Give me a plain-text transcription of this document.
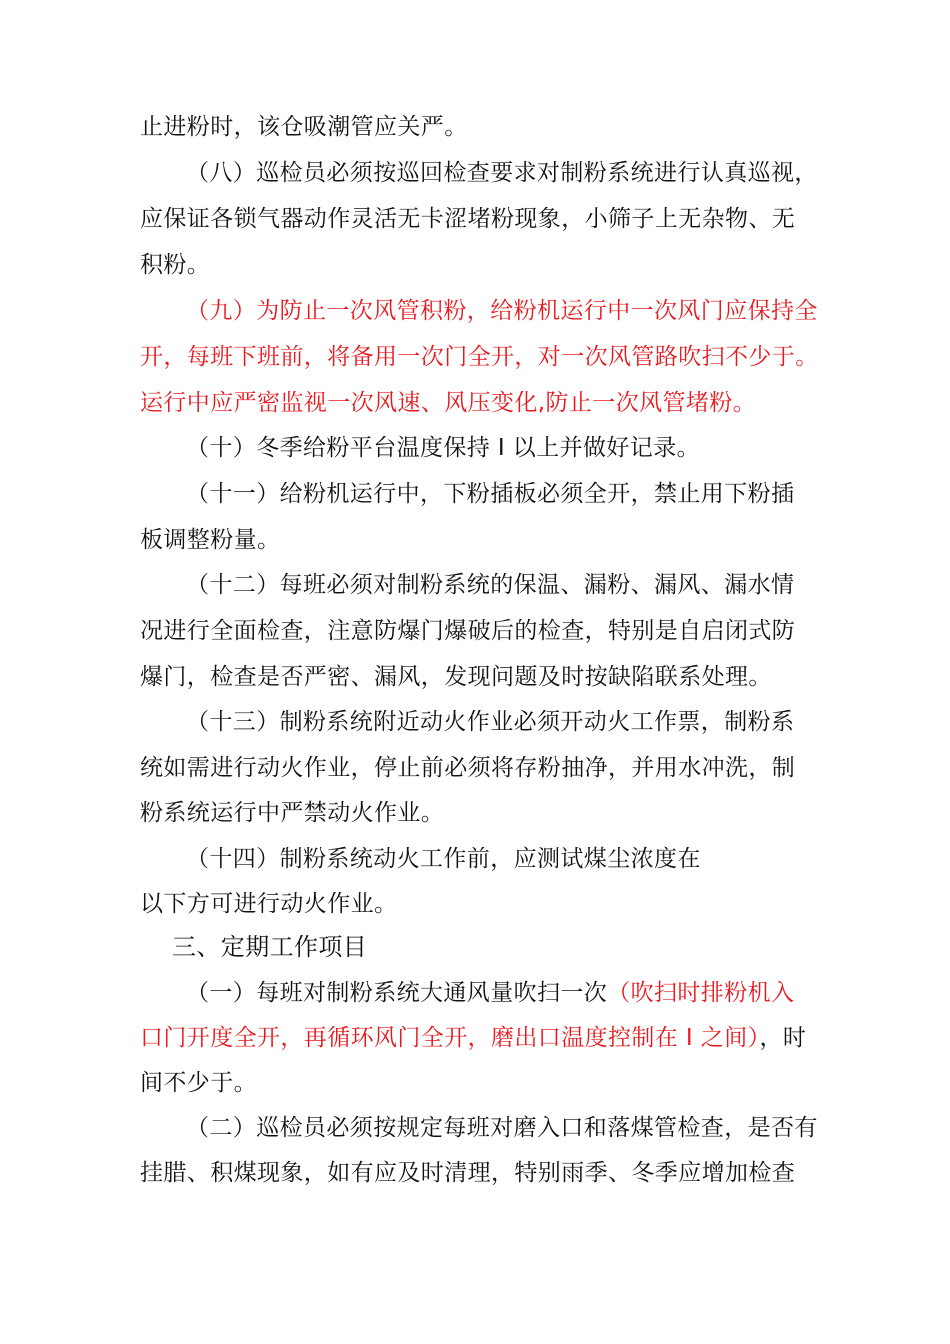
止进粉时，该仓吸潮管应关严。
（八）巡检员必须按巡回检查要求对制粉系统进行认真巡视，
应保证各锁气器动作灵活无卡涩堵粉现象，小筛子上无杂物、无
积粉。
（九）为防止一次风管积粉，给粉机运行中一次风门应保持全
开，每班下班前，将备用一次门全开，对一次风管路吹扫不少于。
运行中应严密监视一次风速、风压变化,防止一次风管堵粉。
（十）冬季给粉平台温度保持 I 以上并做好记录。
（十一）给粉机运行中，下粉插板必须全开，禁止用下粉插
板调整粉量。
（十二）每班必须对制粉系统的保温、漏粉、漏风、漏水情
况进行全面检查，注意防爆门爆破后的检查，特别是自启闭式防
爆门，检查是否严密、漏风，发现问题及时按缺陷联系处理。
（十三）制粉系统附近动火作业必须开动火工作票，制粉系
统如需进行动火作业，停止前必须将存粉抽净，并用水冲洗，制
粉系统运行中严禁动火作业。
（十四）制粉系统动火工作前，应测试煤尘浓度在
以下方可进行动火作业。
三、定期工作项目
（一）每班对制粉系统大通风量吹扫一次（吹扫时排粉机入
口门开度全开，再循环风门全开，磨出口温度控制在 I 之间），时
间不少于。
（二）巡检员必须按规定每班对磨入口和落煤管检查，是否有
挂腊、积煤现象，如有应及时清理，特别雨季、冬季应增加检查
